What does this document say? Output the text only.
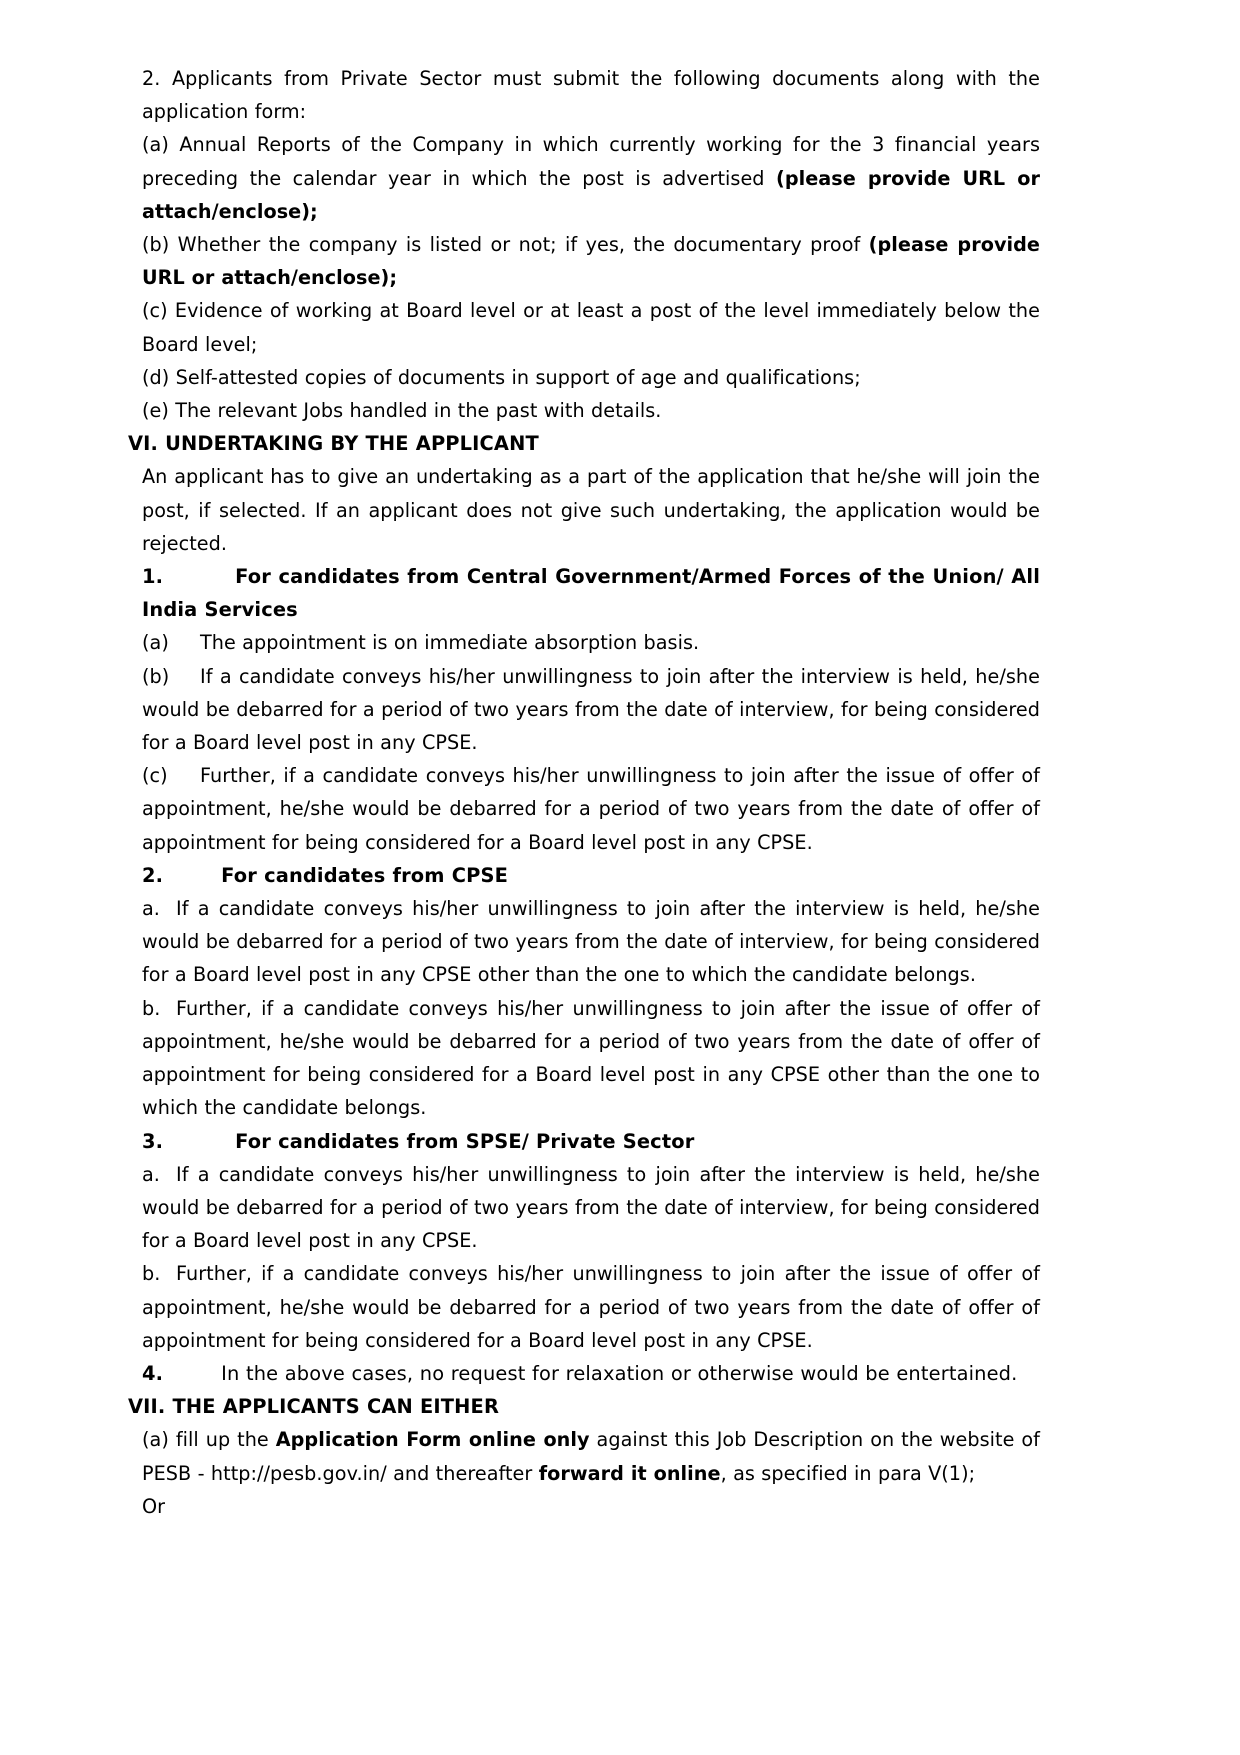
2. Applicants from Private Sector must submit the following documents along with the application form:

(a) Annual Reports of the Company in which currently working for the 3 financial years preceding the calendar year in which the post is advertised (please provide URL or attach/enclose);

(b) Whether the company is listed or not; if yes, the documentary proof (please provide URL or attach/enclose);

(c) Evidence of working at Board level or at least a post of the level immediately below the Board level;

(d) Self-attested copies of documents in support of age and qualifications;

(e) The relevant Jobs handled in the past with details.

VI. UNDERTAKING BY THE APPLICANT

An applicant has to give an undertaking as a part of the application that he/she will join the post, if selected. If an applicant does not give such undertaking, the application would be rejected.

1.	For candidates from Central Government/Armed Forces of the Union/ All India Services

(a) The appointment is on immediate absorption basis.

(b) If a candidate conveys his/her unwillingness to join after the interview is held, he/she would be debarred for a period of two years from the date of interview, for being considered for a Board level post in any CPSE.

(c) Further, if a candidate conveys his/her unwillingness to join after the issue of offer of appointment, he/she would be debarred for a period of two years from the date of offer of appointment for being considered for a Board level post in any CPSE.

2.	For candidates from CPSE

a. If a candidate conveys his/her unwillingness to join after the interview is held, he/she would be debarred for a period of two years from the date of interview, for being considered for a Board level post in any CPSE other than the one to which the candidate belongs.

b. Further, if a candidate conveys his/her unwillingness to join after the issue of offer of appointment, he/she would be debarred for a period of two years from the date of offer of appointment for being considered for a Board level post in any CPSE other than the one to which the candidate belongs.

3.	For candidates from SPSE/ Private Sector

a. If a candidate conveys his/her unwillingness to join after the interview is held, he/she would be debarred for a period of two years from the date of interview, for being considered for a Board level post in any CPSE.

b. Further, if a candidate conveys his/her unwillingness to join after the issue of offer of appointment, he/she would be debarred for a period of two years from the date of offer of appointment for being considered for a Board level post in any CPSE.

4.	In the above cases, no request for relaxation or otherwise would be entertained.

VII. THE APPLICANTS CAN EITHER

(a) fill up the Application Form online only against this Job Description on the website of PESB - http://pesb.gov.in/ and thereafter forward it online, as specified in para V(1);

Or
